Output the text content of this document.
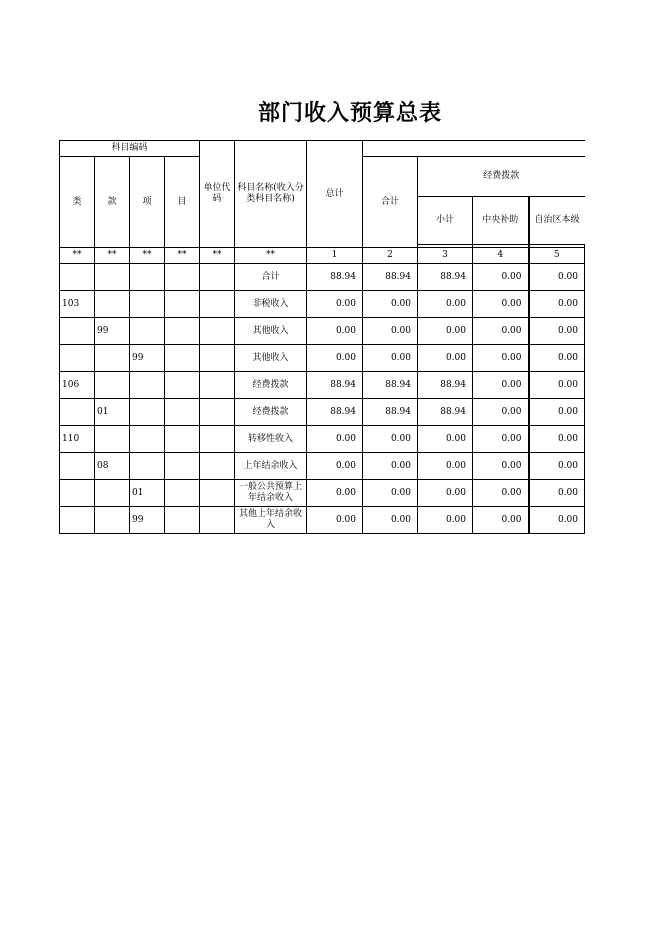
部门收入预算总表
科目编码				单位代码	科目名称(收入分类科目名称)	总计				
类	款	项	目				合计	经费拨款		
								小计	中央补助	自治区本级

**	**	**	**	**	**	1	2	3	4	5
					合计	88.94	88.94	88.94	0.00	0.00
103					非税收入	0.00	0.00	0.00	0.00	0.00
	99				其他收入	0.00	0.00	0.00	0.00	0.00
		99			其他收入	0.00	0.00	0.00	0.00	0.00
106					经费拨款	88.94	88.94	88.94	0.00	0.00
	01				经费拨款	88.94	88.94	88.94	0.00	0.00
110					转移性收入	0.00	0.00	0.00	0.00	0.00
	08				上年结余收入	0.00	0.00	0.00	0.00	0.00
		01			一般公共预算上年结余收入	0.00	0.00	0.00	0.00	0.00
		99			其他上年结余收入	0.00	0.00	0.00	0.00	0.00
